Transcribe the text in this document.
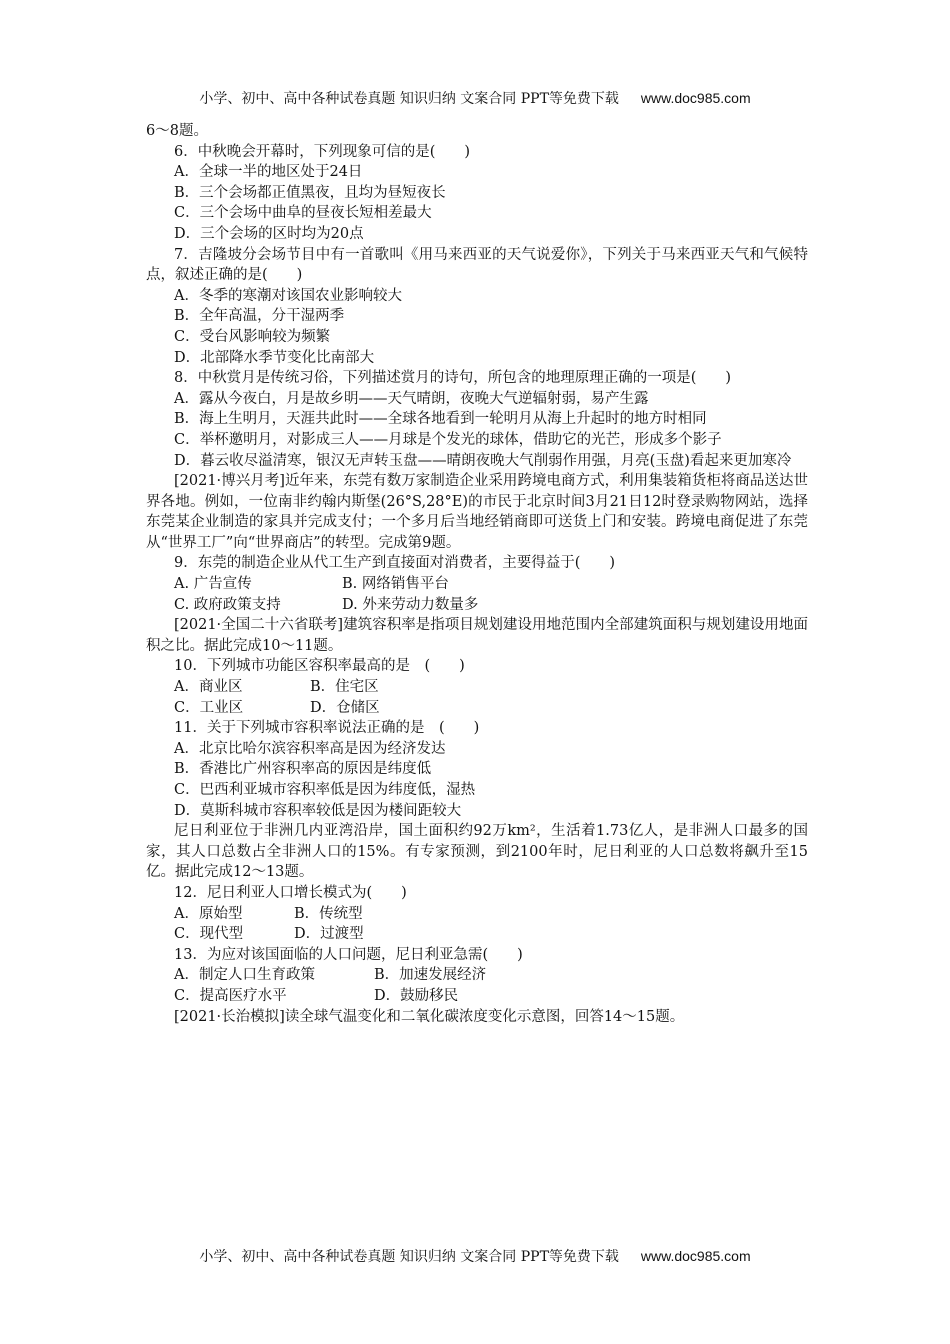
小学、初中、高中各种试卷真题 知识归纳 文案合同 PPT等免费下载 www.doc985.com

6～8题。

6．中秋晚会开幕时，下列现象可信的是(　　)

A．全球一半的地区处于24日

B．三个会场都正值黑夜，且均为昼短夜长

C．三个会场中曲阜的昼夜长短相差最大

D．三个会场的区时均为20点

7．吉隆坡分会场节目中有一首歌叫《用马来西亚的天气说爱你》，下列关于马来西亚天气和气候特点，叙述正确的是(　　)

A．冬季的寒潮对该国农业影响较大

B．全年高温，分干湿两季

C．受台风影响较为频繁

D．北部降水季节变化比南部大

8．中秋赏月是传统习俗，下列描述赏月的诗句，所包含的地理原理正确的一项是(　　)

A．露从今夜白，月是故乡明——天气晴朗，夜晚大气逆辐射弱，易产生露

B．海上生明月，天涯共此时——全球各地看到一轮明月从海上升起时的地方时相同

C．举杯邀明月，对影成三人——月球是个发光的球体，借助它的光芒，形成多个影子

D．暮云收尽溢清寒，银汉无声转玉盘——晴朗夜晚大气削弱作用强，月亮(玉盘)看起来更加寒冷

[2021·博兴月考]近年来，东莞有数万家制造企业采用跨境电商方式，利用集装箱货柜将商品送达世界各地。例如，一位南非约翰内斯堡(26°S,28°E)的市民于北京时间3月21日12时登录购物网站，选择东莞某企业制造的家具并完成支付；一个多月后当地经销商即可送货上门和安装。跨境电商促进了东莞从“世界工厂”向“世界商店”的转型。完成第9题。

9．东莞的制造企业从代工生产到直接面对消费者，主要得益于(　　)

A. 广告宣传	B. 网络销售平台

C. 政府政策支持	D. 外来劳动力数量多

[2021·全国二十六省联考]建筑容积率是指项目规划建设用地范围内全部建筑面积与规划建设用地面积之比。据此完成10～11题。

10．下列城市功能区容积率最高的是　(　　)

A．商业区	B．住宅区

C．工业区	D．仓储区

11．关于下列城市容积率说法正确的是　(　　)

A．北京比哈尔滨容积率高是因为经济发达

B．香港比广州容积率高的原因是纬度低

C．巴西利亚城市容积率低是因为纬度低，湿热

D．莫斯科城市容积率较低是因为楼间距较大

尼日利亚位于非洲几内亚湾沿岸，国土面积约92万km²，生活着1.73亿人，是非洲人口最多的国家，其人口总数占全非洲人口的15%。有专家预测，到2100年时，尼日利亚的人口总数将飙升至15亿。据此完成12～13题。

12．尼日利亚人口增长模式为(　　)

A．原始型	B．传统型

C．现代型	D．过渡型

13．为应对该国面临的人口问题，尼日利亚急需(　　)

A．制定人口生育政策	B．加速发展经济

C．提高医疗水平	D．鼓励移民

[2021·长治模拟]读全球气温变化和二氧化碳浓度变化示意图，回答14～15题。

小学、初中、高中各种试卷真题 知识归纳 文案合同 PPT等免费下载 www.doc985.com
